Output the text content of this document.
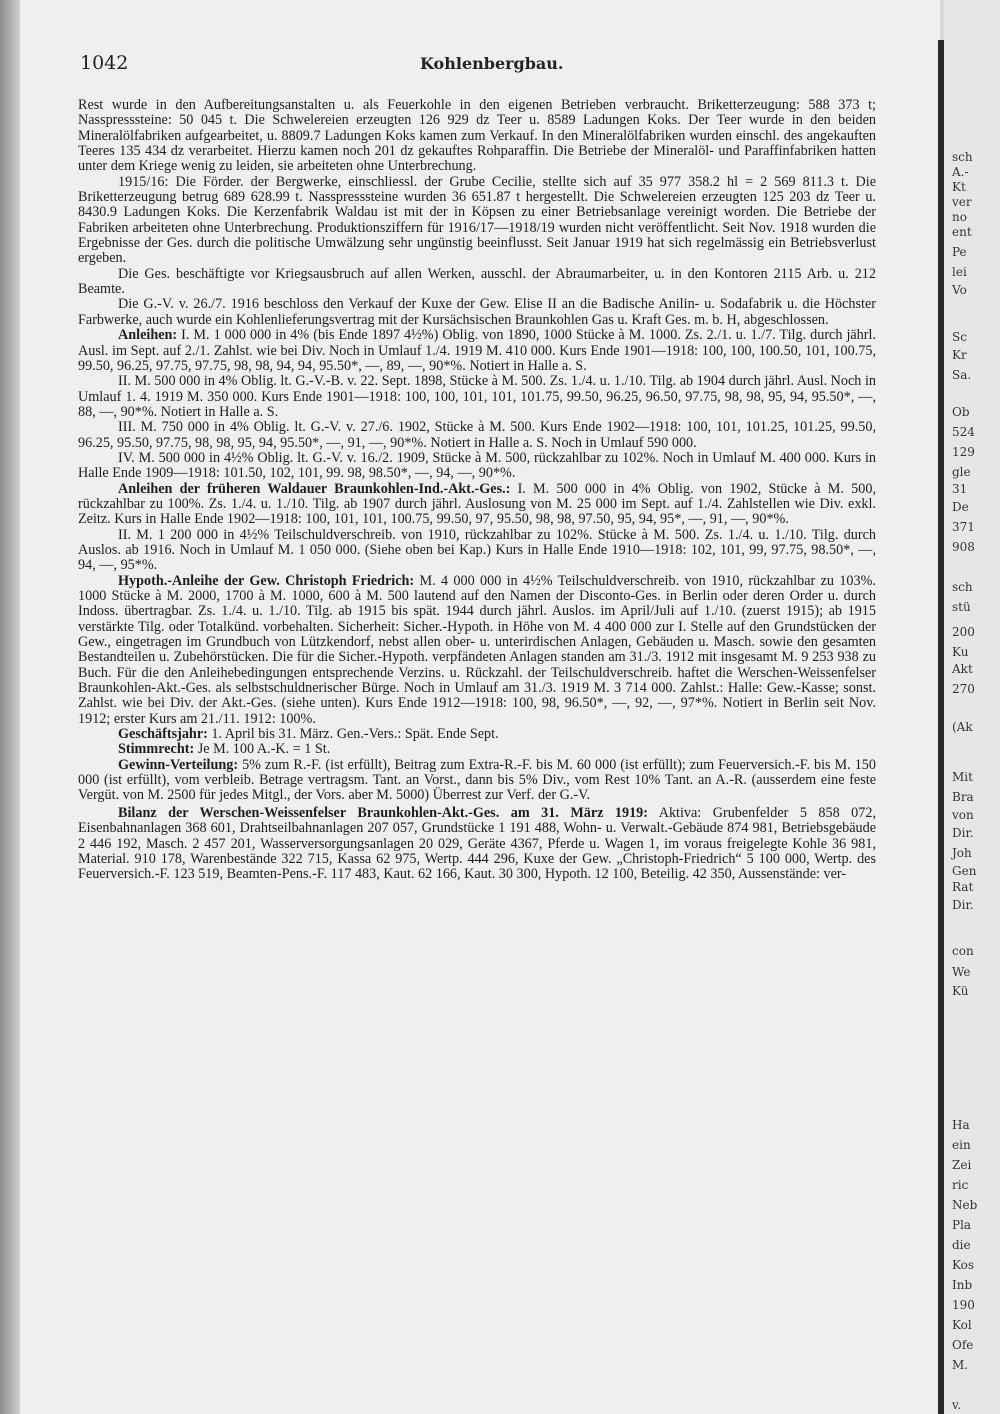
1042	Kohlenbergbau.

Rest wurde in den Aufbereitungsanstalten u. als Feuerkohle in den eigenen Betrieben verbraucht. Briketterzeugung: 588 373 t; Nasspresssteine: 50 045 t. Die Schwelereien erzeugten 126 929 dz Teer u. 8589 Ladungen Koks. Der Teer wurde in den beiden Mineralölfabriken aufgearbeitet, u. 8809.7 Ladungen Koks kamen zum Verkauf. In den Mineralölfabriken wurden einschl. des angekauften Teeres 135 434 dz verarbeitet. Hierzu kamen noch 201 dz gekauftes Rohparaffin. Die Betriebe der Mineralöl- und Paraffinfabriken hatten unter dem Kriege wenig zu leiden, sie arbeiteten ohne Unterbrechung.

1915/16: Die Förder. der Bergwerke, einschliessl. der Grube Cecilie, stellte sich auf 35 977 358.2 hl = 2 569 811.3 t. Die Briketterzeugung betrug 689 628.99 t. Nasspresssteine wurden 36 651.87 t hergestellt. Die Schwelereien erzeugten 125 203 dz Teer u. 8430.9 Ladungen Koks. Die Kerzenfabrik Waldau ist mit der in Köpsen zu einer Betriebsanlage vereinigt worden. Die Betriebe der Fabriken arbeiteten ohne Unterbrechung. Produktionsziffern für 1916/17—1918/19 wurden nicht veröffentlicht. Seit Nov. 1918 wurden die Ergebnisse der Ges. durch die politische Umwälzung sehr ungünstig beeinflusst. Seit Januar 1919 hat sich regelmässig ein Betriebsverlust ergeben.

Die Ges. beschäftigte vor Kriegsausbruch auf allen Werken, ausschl. der Abraumarbeiter, u. in den Kontoren 2115 Arb. u. 212 Beamte.

Die G.-V. v. 26./7. 1916 beschloss den Verkauf der Kuxe der Gew. Elise II an die Badische Anilin- u. Sodafabrik u. die Höchster Farbwerke, auch wurde ein Kohlenlieferungsvertrag mit der Kursächsischen Braunkohlen Gas u. Kraft Ges. m. b. H, abgeschlossen.

Anleihen: I. M. 1 000 000 in 4% (bis Ende 1897 4½%) Oblig. von 1890, 1000 Stücke à M. 1000. Zs. 2./1. u. 1./7. Tilg. durch jährl. Ausl. im Sept. auf 2./1. Zahlst. wie bei Div. Noch in Umlauf 1./4. 1919 M. 410 000. Kurs Ende 1901—1918: 100, 100, 100.50, 101, 100.75, 99.50, 96.25, 97.75, 97.75, 98, 98, 94, 94, 95.50*, —, 89, —, 90*%. Notiert in Halle a. S.

II. M. 500 000 in 4% Oblig. lt. G.-V.-B. v. 22. Sept. 1898, Stücke à M. 500. Zs. 1./4. u. 1./10. Tilg. ab 1904 durch jährl. Ausl. Noch in Umlauf 1. 4. 1919 M. 350 000. Kurs Ende 1901—1918: 100, 100, 101, 101, 101.75, 99.50, 96.25, 96.50, 97.75, 98, 98, 95, 94, 95.50*, —, 88, —, 90*%. Notiert in Halle a. S.

III. M. 750 000 in 4% Oblig. lt. G.-V. v. 27./6. 1902, Stücke à M. 500. Kurs Ende 1902—1918: 100, 101, 101.25, 101.25, 99.50, 96.25, 95.50, 97.75, 98, 98, 95, 94, 95.50*, —, 91, —, 90*%. Notiert in Halle a. S. Noch in Umlauf 590 000.

IV. M. 500 000 in 4½% Oblig. lt. G.-V. v. 16./2. 1909, Stücke à M. 500, rückzahlbar zu 102%. Noch in Umlauf M. 400 000. Kurs in Halle Ende 1909—1918: 101.50, 102, 101, 99. 98, 98.50*, —, 94, —, 90*%.

Anleihen der früheren Waldauer Braunkohlen-Ind.-Akt.-Ges.: I. M. 500 000 in 4% Oblig. von 1902, Stücke à M. 500, rückzahlbar zu 100%. Zs. 1./4. u. 1./10. Tilg. ab 1907 durch jährl. Auslosung von M. 25 000 im Sept. auf 1./4. Zahlstellen wie Div. exkl. Zeitz. Kurs in Halle Ende 1902—1918: 100, 101, 101, 100.75, 99.50, 97, 95.50, 98, 98, 97.50, 95, 94, 95*, —, 91, —, 90*%.

II. M. 1 200 000 in 4½% Teilschuldverschreib. von 1910, rückzahlbar zu 102%. Stücke à M. 500. Zs. 1./4. u. 1./10. Tilg. durch Auslos. ab 1916. Noch in Umlauf M. 1 050 000. (Siehe oben bei Kap.) Kurs in Halle Ende 1910—1918: 102, 101, 99, 97.75, 98.50*, —, 94, —, 95*%.

Hypoth.-Anleihe der Gew. Christoph Friedrich: M. 4 000 000 in 4½% Teilschuldverschreib. von 1910, rückzahlbar zu 103%. 1000 Stücke à M. 2000, 1700 à M. 1000, 600 à M. 500 lautend auf den Namen der Disconto-Ges. in Berlin oder deren Order u. durch Indoss. übertragbar. Zs. 1./4. u. 1./10. Tilg. ab 1915 bis spät. 1944 durch jährl. Auslos. im April/Juli auf 1./10. (zuerst 1915); ab 1915 verstärkte Tilg. oder Totalkünd. vorbehalten. Sicherheit: Sicher.-Hypoth. in Höhe von M. 4 400 000 zur I. Stelle auf den Grundstücken der Gew., eingetragen im Grundbuch von Lützkendorf, nebst allen ober- u. unterirdischen Anlagen, Gebäuden u. Masch. sowie den gesamten Bestandteilen u. Zubehörstücken. Die für die Sicher.-Hypoth. verpfändeten Anlagen standen am 31./3. 1912 mit insgesamt M. 9 253 938 zu Buch. Für die den Anleihebedingungen entsprechende Verzins. u. Rückzahl. der Teilschuldverschreib. haftet die Werschen-Weissenfelser Braunkohlen-Akt.-Ges. als selbstschuldnerischer Bürge. Noch in Umlauf am 31./3. 1919 M. 3 714 000. Zahlst.: Halle: Gew.-Kasse; sonst. Zahlst. wie bei Div. der Akt.-Ges. (siehe unten). Kurs Ende 1912—1918: 100, 98, 96.50*, —, 92, —, 97*%. Notiert in Berlin seit Nov. 1912; erster Kurs am 21./11. 1912: 100%.

Geschäftsjahr: 1. April bis 31. März. Gen.-Vers.: Spät. Ende Sept.

Stimmrecht: Je M. 100 A.-K. = 1 St.

Gewinn-Verteilung: 5% zum R.-F. (ist erfüllt), Beitrag zum Extra-R.-F. bis M. 60 000 (ist erfüllt); zum Feuerversich.-F. bis M. 150 000 (ist erfüllt), vom verbleib. Betrage vertragsm. Tant. an Vorst., dann bis 5% Div., vom Rest 10% Tant. an A.-R. (ausserdem eine feste Vergüt. von M. 2500 für jedes Mitgl., der Vors. aber M. 5000) Überrest zur Verf. der G.-V.

Bilanz der Werschen-Weissenfelser Braunkohlen-Akt.-Ges. am 31. März 1919: Aktiva: Grubenfelder 5 858 072, Eisenbahnanlagen 368 601, Drahtseilbahnanlagen 207 057, Grundstücke 1 191 488, Wohn- u. Verwalt.-Gebäude 874 981, Betriebsgebäude 2 446 192, Masch. 2 457 201, Wasserversorgungsanlagen 20 029, Geräte 4367, Pferde u. Wagen 1, im voraus freigelegte Kohle 36 981, Material. 910 178, Warenbestände 322 715, Kassa 62 975, Wertp. 444 296, Kuxe der Gew. „Christoph-Friedrich“ 5 100 000, Wertp. des Feuerversich.-F. 123 519, Beamten-Pens.-F. 117 483, Kaut. 62 166, Kaut. 30 300, Hypoth. 12 100, Beteilig. 42 350, Aussenstände: ver-

sch
A.-
Kt
ver
no
ent
Pe
lei
Vo
Sc
Kr
Sa.
Ob
524
129
gle
31
De
371
908
sch
stü
200
Ku
Akt
270
(Ak
Mit
Bra
von
Dir.
Joh
Gen
Rat
Dir.
con
We
Kü
Ha
ein
Zei
ric
Neb
Pla
die
Kos
Inb
190
Kol
Ofe
M.
v.
